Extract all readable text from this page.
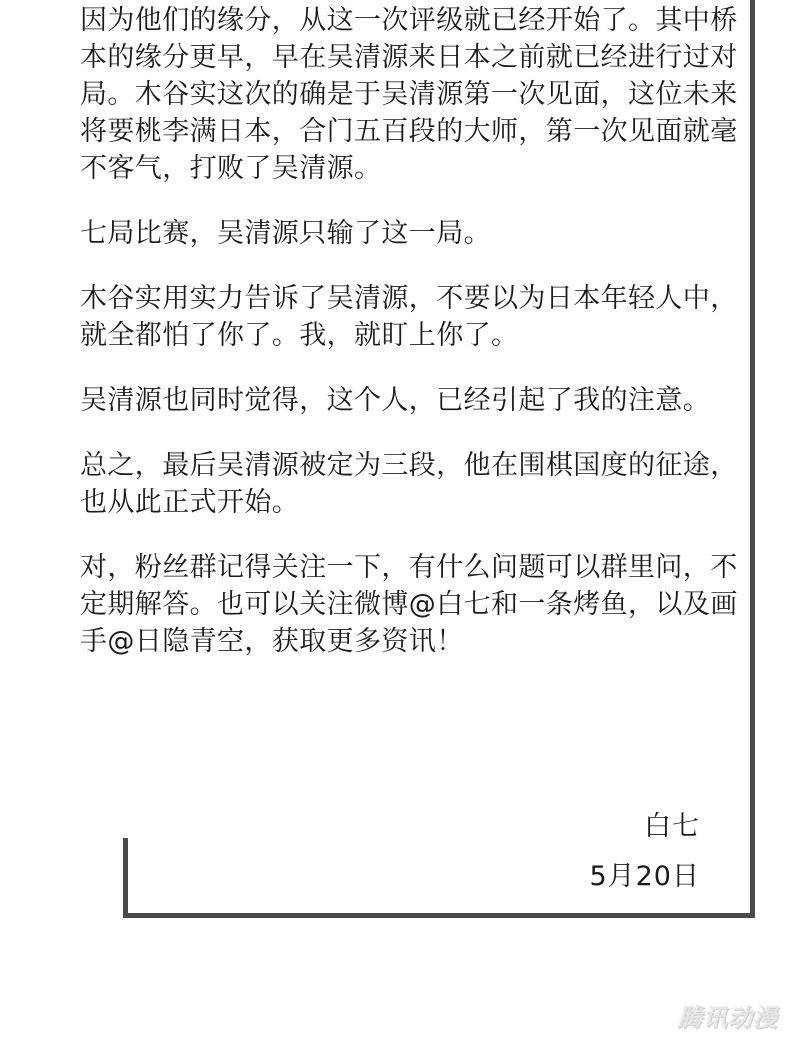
因为他们的缘分，从这一次评级就已经开始了。其中桥本的缘分更早，早在吴清源来日本之前就已经进行过对局。木谷实这次的确是于吴清源第一次见面，这位未来将要桃李满日本，合门五百段的大师，第一次见面就毫不客气，打败了吴清源。

七局比赛，吴清源只输了这一局。

木谷实用实力告诉了吴清源，不要以为日本年轻人中，就全都怕了你了。我，就盯上你了。

吴清源也同时觉得，这个人，已经引起了我的注意。

总之，最后吴清源被定为三段，他在围棋国度的征途，也从此正式开始。

对，粉丝群记得关注一下，有什么问题可以群里问，不定期解答。也可以关注微博@白七和一条烤鱼，以及画手@日隐青空，获取更多资讯！

白七
5月20日
腾讯动漫
